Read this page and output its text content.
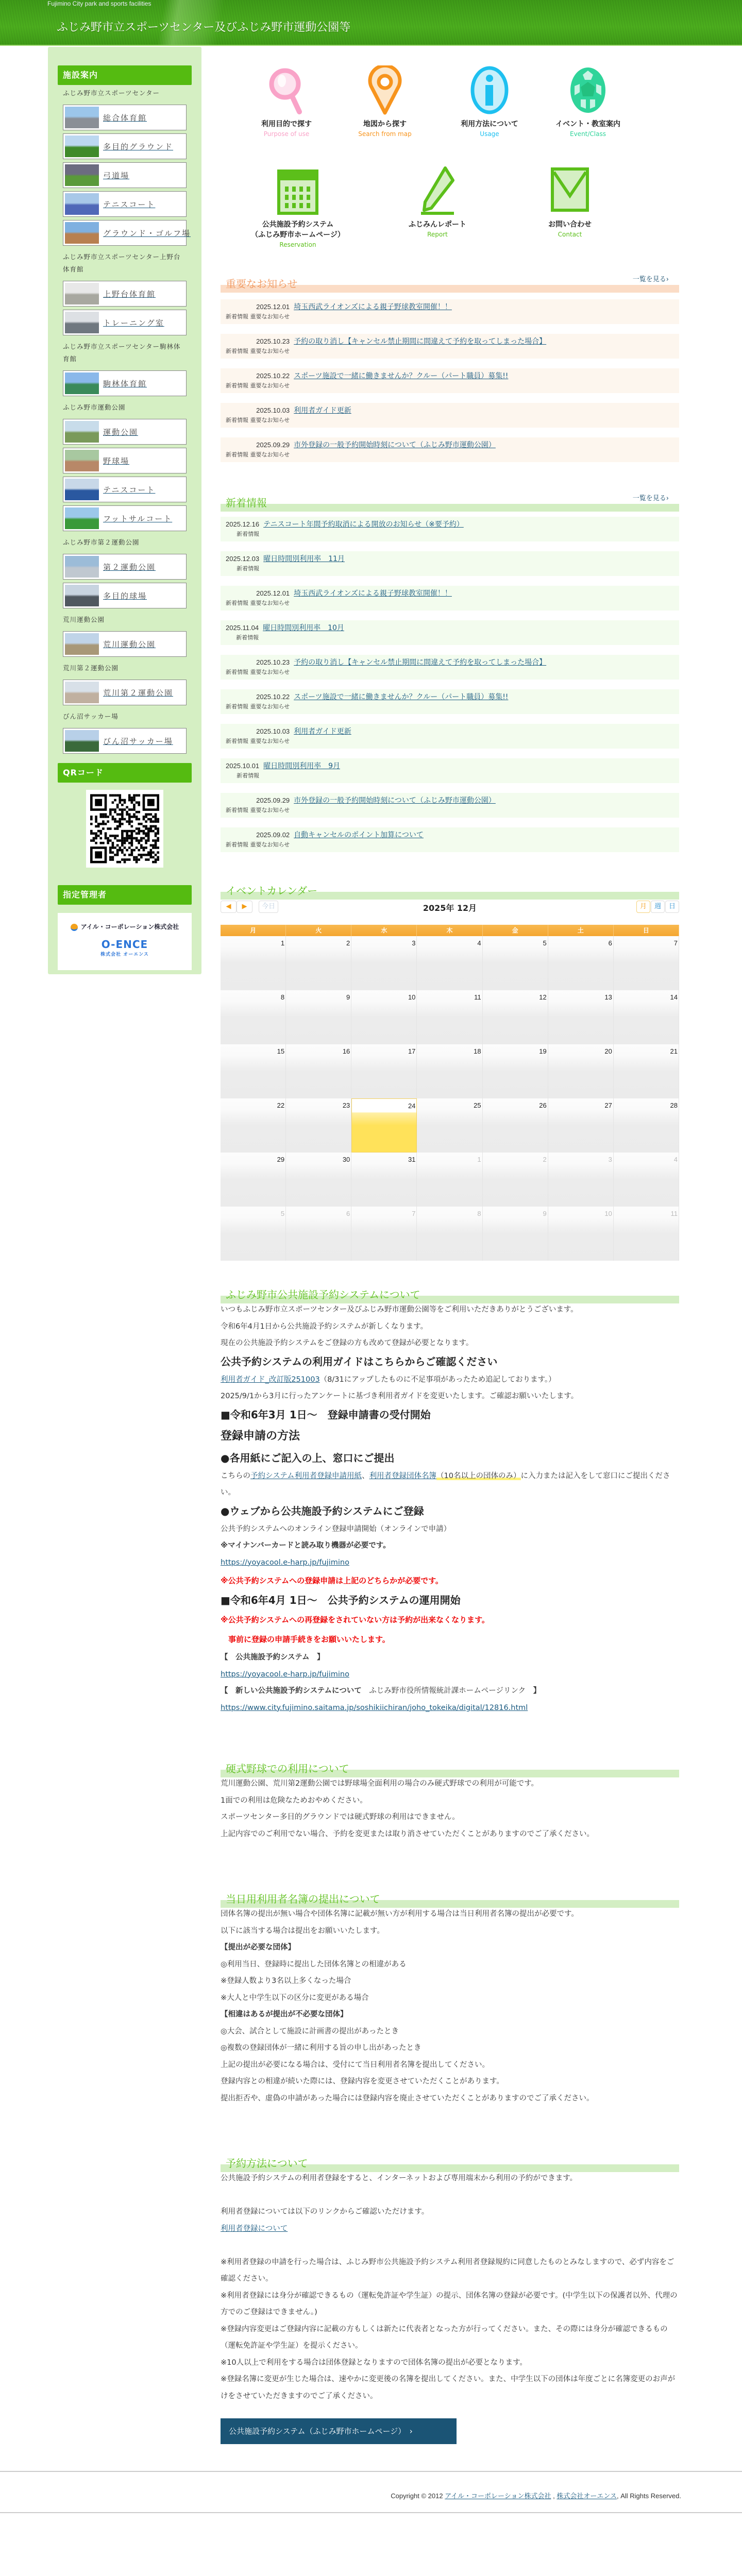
Fujimino City park and sports facilities
ふじみ野市立スポーツセンター及びふじみ野市運動公園等
施設案内
ふじみ野市立スポーツセンター
総合体育館
多目的グラウンド
弓道場
テニスコート
グラウンド・ゴルフ場
ふじみ野市立スポーツセンター上野台体育館
上野台体育館
トレーニング室
ふじみ野市立スポーツセンター駒林体育館
駒林体育館
ふじみ野市運動公園
運動公園
野球場
テニスコート
フットサルコート
ふじみ野市第２運動公園
第２運動公園
多目的球場
荒川運動公園
荒川運動公園
荒川第２運動公園
荒川第２運動公園
びん沼サッカー場
びん沼サッカー場
QRコード
指定管理者
アイル・コーポレーション株式会社
O-ENCE
株式会社 オーエンス
利用目的で探す
Purpose of use
地図から探す
Search from map
利用方法について
Usage
イベント・教室案内
Event/Class
公共施設予約システム
（ふじみ野市ホームページ）
Reservation
ふじみんレポート
Report
お問い合わせ
Contact
重要なお知らせ	一覧を見る›
2025.12.01
新着情報 重要なお知らせ
埼玉西武ライオンズによる親子野球教室開催！！
2025.10.23
新着情報 重要なお知らせ
予約の取り消し【キャンセル禁止期間に間違えて予約を取ってしまった場合】
2025.10.22
新着情報 重要なお知らせ
スポーツ施設で一緒に働きませんか？クルー（パート職員）募集!!
2025.10.03
新着情報 重要なお知らせ
利用者ガイド更新
2025.09.29
新着情報 重要なお知らせ
市外登録の一般予約開始時刻について（ふじみ野市運動公園）
新着情報	一覧を見る›
2025.12.16
新着情報
テニスコート年間予約取消による開放のお知らせ（※要予約）
2025.12.03
新着情報
曜日時間別利用率　11月
2025.12.01
新着情報 重要なお知らせ
埼玉西武ライオンズによる親子野球教室開催！！
2025.11.04
新着情報
曜日時間別利用率　10月
2025.10.23
新着情報 重要なお知らせ
予約の取り消し【キャンセル禁止期間に間違えて予約を取ってしまった場合】
2025.10.22
新着情報 重要なお知らせ
スポーツ施設で一緒に働きませんか？クルー（パート職員）募集!!
2025.10.03
新着情報 重要なお知らせ
利用者ガイド更新
2025.10.01
新着情報
曜日時間別利用率　9月
2025.09.29
新着情報 重要なお知らせ
市外登録の一般予約開始時刻について（ふじみ野市運動公園）
2025.09.02
新着情報 重要なお知らせ
自動キャンセルのポイント加算について
イベントカレンダー
◀	▶	今日	2025年 12月	月	週	日
月	火	水	木	金	土	日
1	2	3	4	5	6	7
8	9	10	11	12	13	14
15	16	17	18	19	20	21
22	23	24	25	26	27	28
29	30	31	1	2	3	4
5	6	7	8	9	10	11
ふじみ野市公共施設予約システムについて
いつもふじみ野市立スポーツセンター及びふじみ野市運動公園等をご利用いただきありがとうございます。
令和6年4月1日から公共施設予約システムが新しくなります。
現在の公共施設予約システムをご登録の方も改めて登録が必要となります。
公共予約システムの利用ガイドはこちらからご確認ください
利用者ガイド_改訂版251003（8/31にアップしたものに不足事項があったため追記しております。）
2025/9/1から3月に行ったアンケートに基づき利用者ガイドを変更いたします。ご確認お願いいたします。
■令和6年3月 1日～　登録申請書の受付開始
登録申請の方法
●各用紙にご記入の上、窓口にご提出
こちらの予約システム利用者登録申請用紙、利用者登録団体名簿（10名以上の団体のみ）に入力または記入をして窓口にご提出ください。
●ウェブから公共施設予約システムにご登録
公共予約システムへのオンライン登録申請開始（オンラインで申請）
※マイナンバーカードと読み取り機器が必要です。
https://yoyacool.e-harp.jp/fujimino
※公共予約システムへの登録申請は上記のどちらかが必要です。
■令和6年4月 1日～　公共予約システムの運用開始
※公共予約システムへの再登録をされていない方は予約が出来なくなります。
　事前に登録の申請手続きをお願いいたします。
【　公共施設予約システム　】
https://yoyacool.e-harp.jp/fujimino
【　新しい公共施設予約システムについて　ふじみ野市役所情報統計課ホームページリンク　】
https://www.city.fujimino.saitama.jp/soshikiichiran/joho_tokeika/digital/12816.html
硬式野球での利用について
荒川運動公園、荒川第2運動公園では野球場全面利用の場合のみ硬式野球での利用が可能です。
1面での利用は危険なためおやめください。
スポーツセンター多目的グラウンドでは硬式野球の利用はできません。
上記内容でのご利用でない場合、予約を変更または取り消させていただくことがありますのでご了承ください。
当日用利用者名簿の提出について
団体名簿の提出が無い場合や団体名簿に記載が無い方が利用する場合は当日利用者名簿の提出が必要です。
以下に該当する場合は提出をお願いいたします。
【提出が必要な団体】
◎利用当日、登録時に提出した団体名簿との相違がある
※登録人数より3名以上多くなった場合
※大人と中学生以下の区分に変更がある場合
【相違はあるが提出が不必要な団体】
◎大会、試合として施設に計画書の提出があったとき
◎複数の登録団体が一緒に利用する旨の申し出があったとき
上記の提出が必要になる場合は、受付にて当日利用者名簿を提出してください。
登録内容との相違が続いた際には、登録内容を変更させていただくことがあります。
提出拒否や、虚偽の申請があった場合には登録内容を廃止させていただくことがありますのでご了承ください。
予約方法について
公共施設予約システムの利用者登録をすると、インターネットおよび専用端末から利用の予約ができます。
利用者登録については以下のリンクからご確認いただけます。
利用者登録について
※利用者登録の申請を行った場合は、ふじみ野市公共施設予約システム利用者登録規約に同意したものとみなしますので、必ず内容をご確認ください。
※利用者登録には身分が確認できるもの（運転免許証や学生証）の提示、団体名簿の登録が必要です。(中学生以下の保護者以外、代理の方でのご登録はできません。)
※登録内容変更はご登録内容に記載の方もしくは新たに代表者となった方が行ってください。また、その際には身分が確認できるもの（運転免許証や学生証）を提示ください。
※10人以上で利用をする場合は団体登録となりますので団体名簿の提出が必要となります。
※登録名簿に変更が生じた場合は、速やかに変更後の名簿を提出してください。また、中学生以下の団体は年度ごとに名簿変更のお声がけをさせていただきますのでご了承ください。
公共施設予約システム（ふじみ野市ホームページ）　›
Copyright © 2012 アイル・コーポレーション株式会社 , 株式会社オーエンス, All Rights Reserved.
